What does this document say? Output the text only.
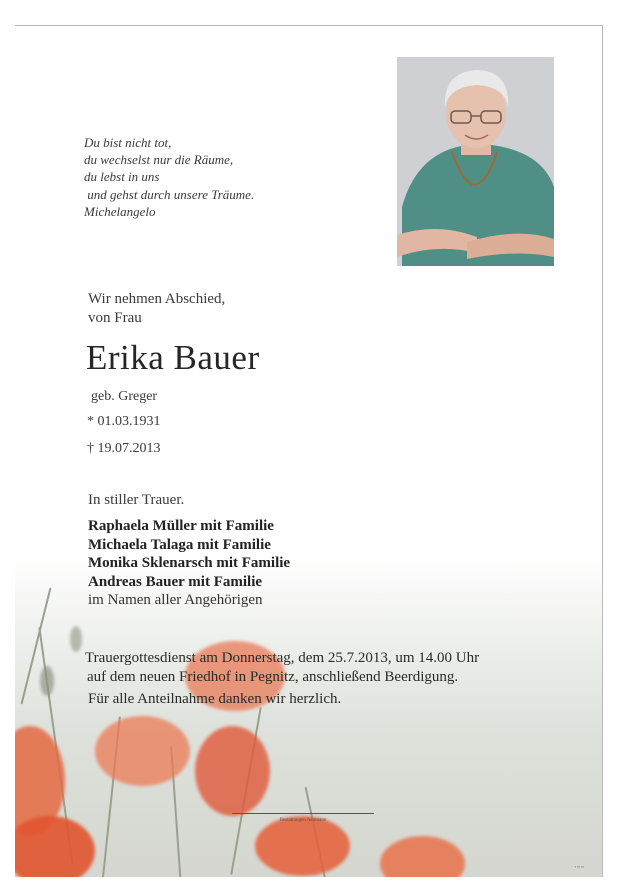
▪ ▪▪ ▪▪
Du bist nicht tot,
du wechselst nur die Räume,
du lebst in uns
und gehst durch unsere Träume.
Michelangelo
Wir nehmen Abschied,
von Frau
Erika Bauer
geb. Greger
* 01.03.1931
† 19.07.2013
In stiller Trauer.
Raphaela Müller mit Familie
Michaela Talaga mit Familie
Monika Sklenarsch mit Familie
Andreas Bauer mit Familie
im Namen aller Angehörigen
Trauergottesdienst am Donnerstag, dem 25.7.2013, um 14.00 Uhr
auf dem neuen Friedhof in Pegnitz, anschließend Beerdigung.
Für alle Anteilnahme danken wir herzlich.
Bestattungen Neumann
